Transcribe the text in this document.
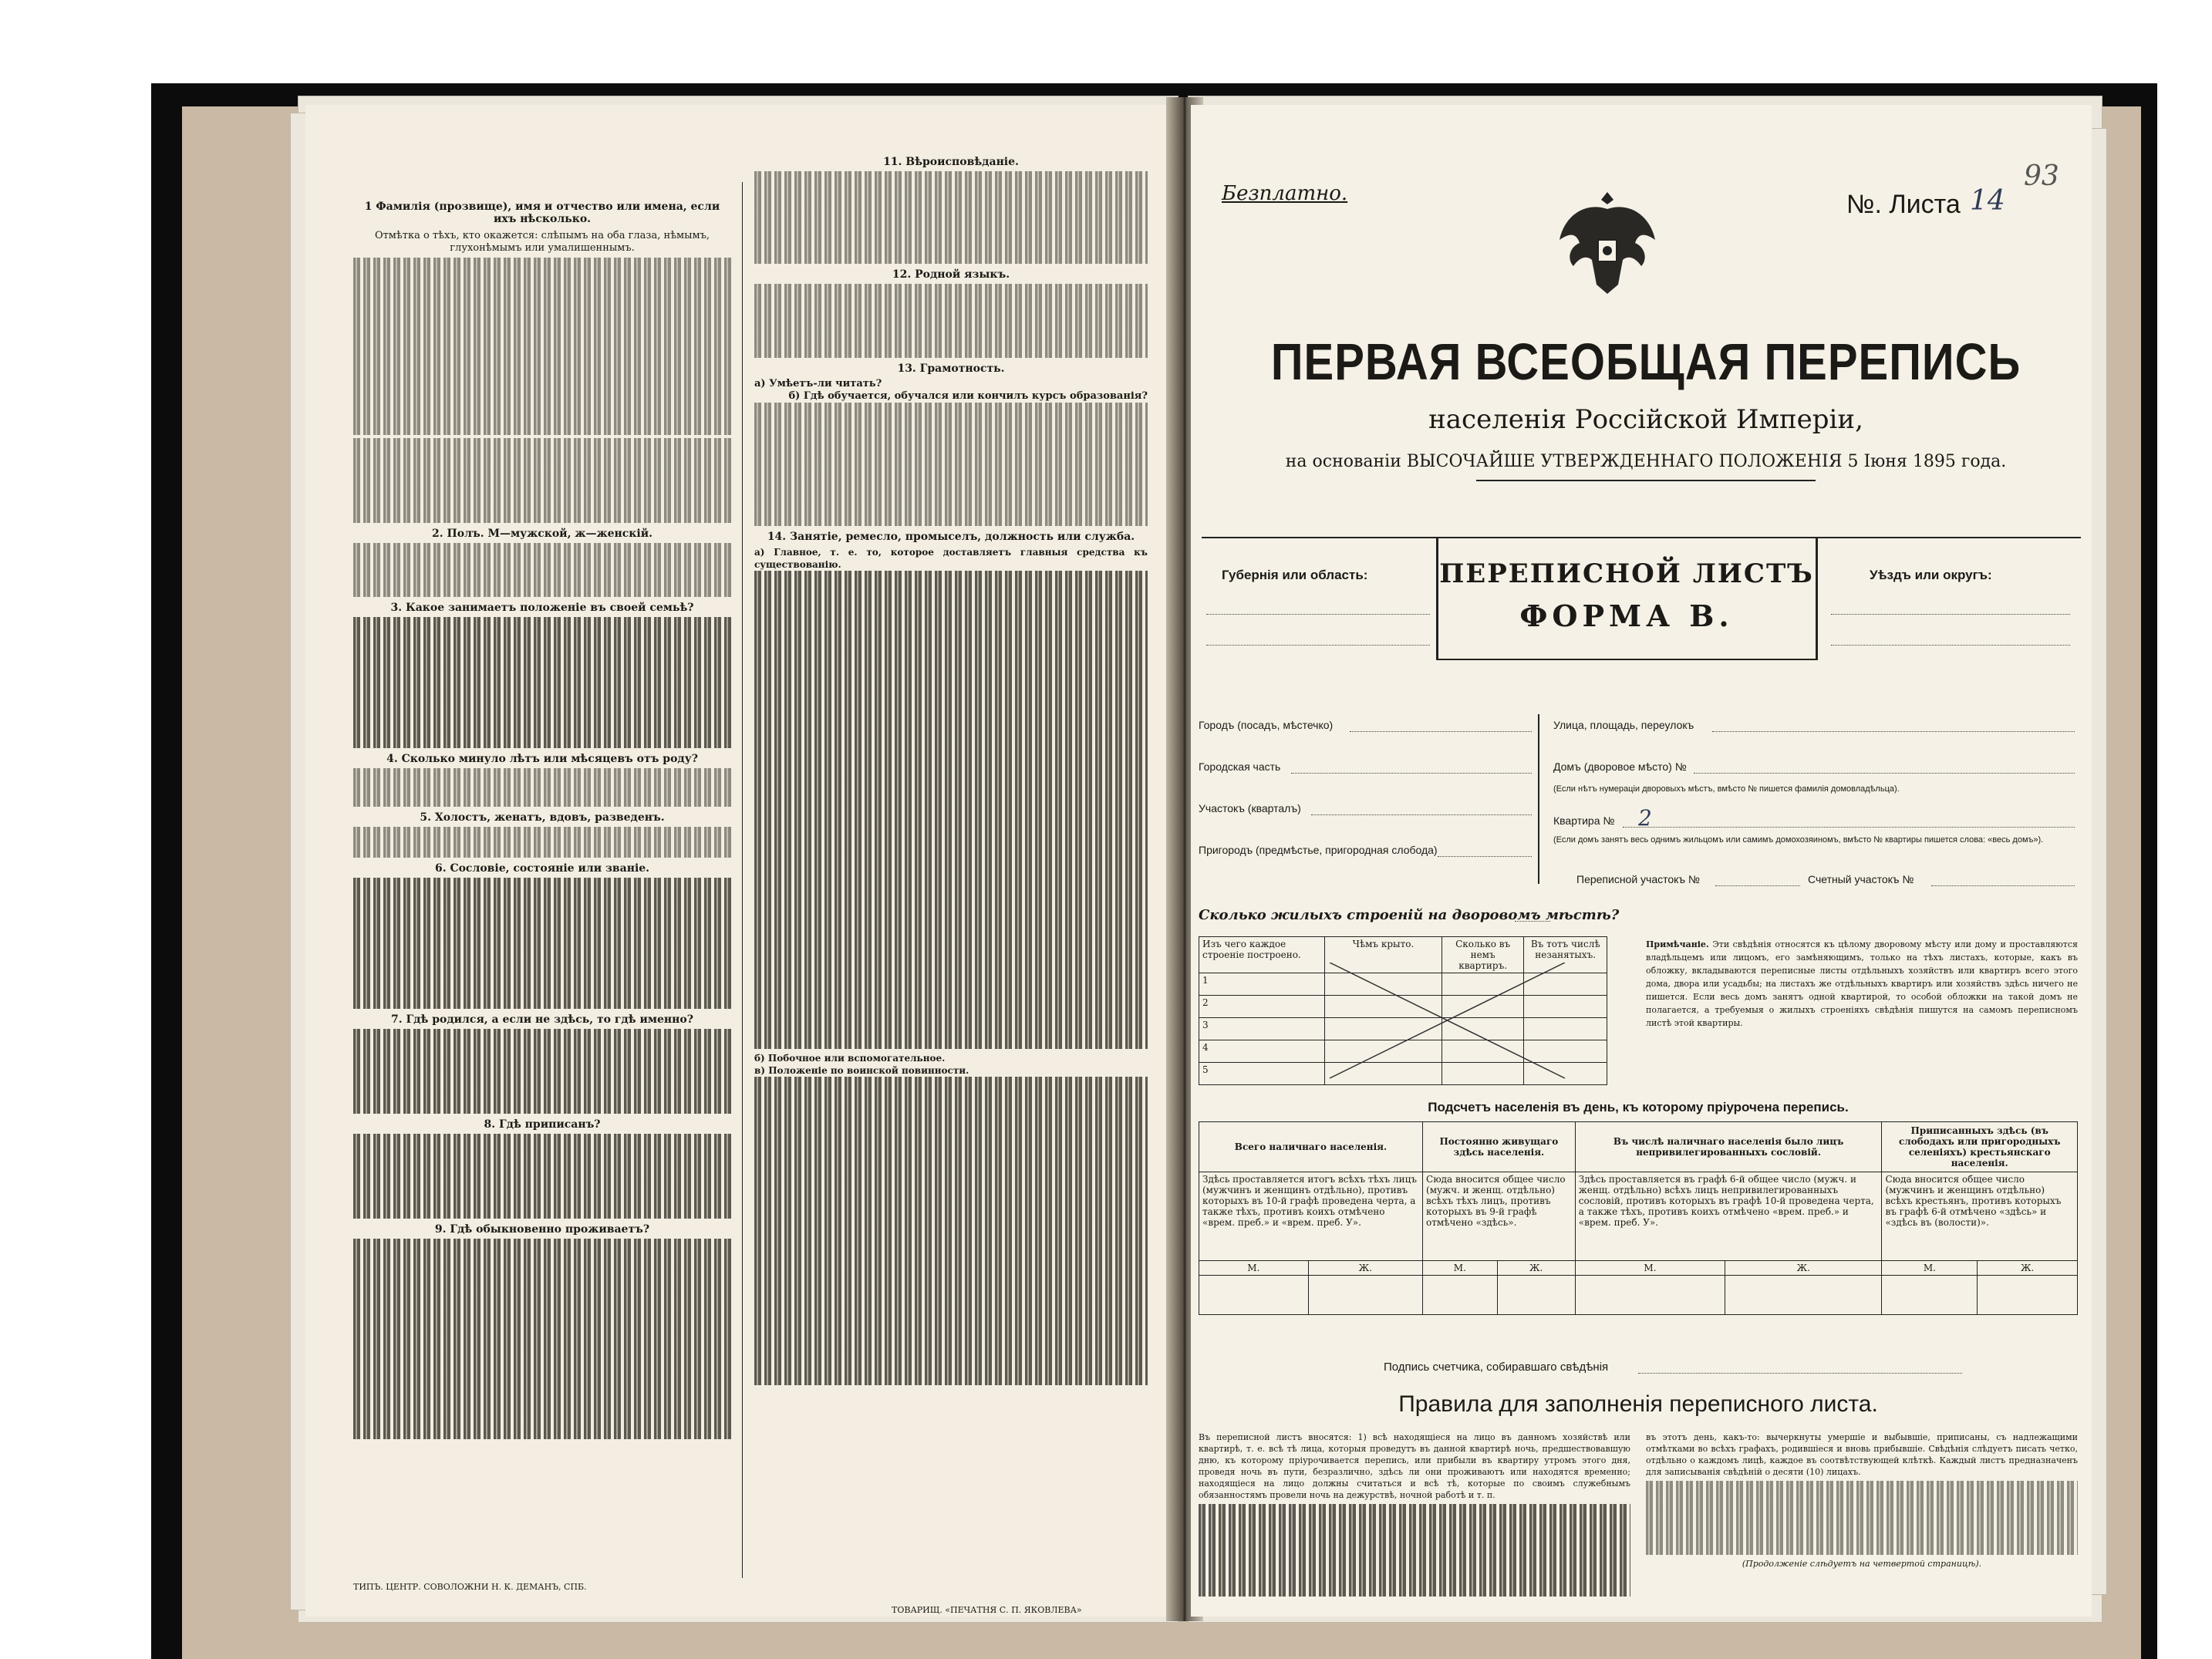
1 Фамилія (прозвище), имя и отчество или имена, если ихъ нѣсколько.
Отмѣтка о тѣхъ, кто окажется: слѣпымъ на оба глаза, нѣмымъ, глухонѣмымъ или умалишеннымъ.
2. Полъ. М—мужской, ж—женскій.
3. Какое занимаетъ положеніе въ своей семьѣ?
4. Сколько минуло лѣтъ или мѣсяцевъ отъ роду?
5. Холостъ, женатъ, вдовъ, разведенъ.
6. Сословіе, состояніе или званіе.
7. Гдѣ родился, а если не здѣсь, то гдѣ именно?
8. Гдѣ приписанъ?
9. Гдѣ обыкновенно проживаетъ?
ТИПЪ. ЦЕНТР. СОВОЛОЖНИ Н. К. ДЕМАНЪ, СПБ.
11. Вѣроисповѣданіе.
12. Родной языкъ.
13. Грамотность.
а) Умѣетъ-ли читать?
б) Гдѣ обучается, обучался или кончилъ курсъ образованія?
14. Занятіе, ремесло, промыселъ, должность или служба.
а) Главное, т. е. то, которое доставляетъ главныя средства къ существованію.
б) Побочное или вспомогательное.
в) Положеніе по воинской повинности.
ТОВАРИЩ. «ПЕЧАТНЯ С. П. ЯКОВЛЕВА»
Безплатно.	№. Листа 14
93
ПЕРВАЯ ВСЕОБЩАЯ ПЕРЕПИСЬ
населенія Россійской Имперіи,
на основаніи ВЫСОЧАЙШЕ УТВЕРЖДЕННАГО ПОЛОЖЕНІЯ 5 Іюня 1895 года.
Губернія или область:	ПЕРЕПИСНОЙ ЛИСТЪ
ФОРМА В.
Уѣздъ или округъ:
Городъ (посадъ, мѣстечко)
Городская часть
Участокъ (кварталъ)
Пригородъ (предмѣстье, пригородная слобода)
Улица, площадь, переулокъ
Домъ (дворовое мѣсто) №
(Если нѣтъ нумераціи дворовыхъ мѣстъ, вмѣсто № пишется фамилія домовладѣльца).
Квартира № 2
(Если домъ занятъ весь однимъ жильцомъ или самимъ домохозяиномъ, вмѣсто № квартиры пишется слова: «весь домъ»).
Переписной участокъ №	Счетный участокъ №
Сколько жилыхъ строеній на дворовомъ мѣстѣ?
Изъ чего каждое строеніе построено.	Чѣмъ крыто.	Сколько въ немъ квартиръ.	Въ тотъ числѣ незанятыхъ.
1			
2			
3			
4			
5			
Примѣчаніе. Эти свѣдѣнія относятся къ цѣлому дворовому мѣсту или дому и проставляются владѣльцемъ или лицомъ, его замѣняющимъ, только на тѣхъ листахъ, которые, какъ въ обложку, вкладываются переписные листы отдѣльныхъ хозяйствъ или квартиръ всего этого дома, двора или усадьбы; на листахъ же отдѣльныхъ квартиръ или хозяйствъ здѣсь ничего не пишется. Если весь домъ занятъ одной квартирой, то особой обложки на такой домъ не полагается, а требуемыя о жилыхъ строеніяхъ свѣдѣнія пишутся на самомъ переписномъ листѣ этой квартиры.
Подсчетъ населенія въ день, къ которому пріурочена перепись.
Всего наличнаго населенія.		Постоянно живущаго здѣсь населенія.		Въ числѣ наличнаго населенія было лицъ непривилегированныхъ сословій.		Приписанныхъ здѣсь (въ слободахъ или пригородныхъ селеніяхъ) крестьянскаго населенія.	
Здѣсь проставляется итогъ всѣхъ тѣхъ лицъ (мужчинъ и женщинъ отдѣльно), противъ которыхъ въ 10-й графѣ проведена черта, а также тѣхъ, противъ коихъ отмѣчено «врем. преб.» и «врем. преб. У».		Сюда вносится общее число (мужч. и женщ. отдѣльно) всѣхъ тѣхъ лицъ, противъ которыхъ въ 9-й графѣ отмѣчено «здѣсь».		Здѣсь проставляется въ графѣ 6-й общее число (мужч. и женщ. отдѣльно) всѣхъ лицъ непривилегированныхъ сословій, противъ которыхъ въ графѣ 10-й проведена черта, а также тѣхъ, противъ коихъ отмѣчено «врем. преб.» и «врем. преб. У».		Сюда вносится общее число (мужчинъ и женщинъ отдѣльно) всѣхъ крестьянъ, противъ которыхъ въ графѣ 6-й отмѣчено «здѣсь» и «здѣсь въ (волости)».	
М.	Ж.	М.	Ж.	М.	Ж.	М.	Ж.

Подпись счетчика, собиравшаго свѣдѣнія
Правила для заполненія переписного листа.
Въ переписной листъ вносятся: 1) всѣ находящіеся на лицо въ данномъ хозяйствѣ или квартирѣ, т. е. всѣ тѣ лица, которыя проведутъ въ данной квартирѣ ночь, предшествовавшую дню, къ которому пріурочивается перепись, или прибыли въ квартиру утромъ этого дня, проведя ночь въ пути, безразлично, здѣсь ли они проживаютъ или находятся временно; находящіеся на лицо должны считаться и всѣ тѣ, которые по своимъ служебнымъ обязанностямъ провели ночь на дежурствѣ, ночной работѣ и т. п.
въ этотъ день, какъ-то: вычеркнуты умершіе и выбывшіе, приписаны, съ надлежащими отмѣтками во всѣхъ графахъ, родившіеся и вновь прибывшіе. Свѣдѣнія слѣдуетъ писать четко, отдѣльно о каждомъ лицѣ, каждое въ соотвѣтствующей клѣткѣ. Каждый листъ предназначенъ для записыванія свѣдѣній о десяти (10) лицахъ.
(Продолженіе слѣдуетъ на четвертой страницѣ).
